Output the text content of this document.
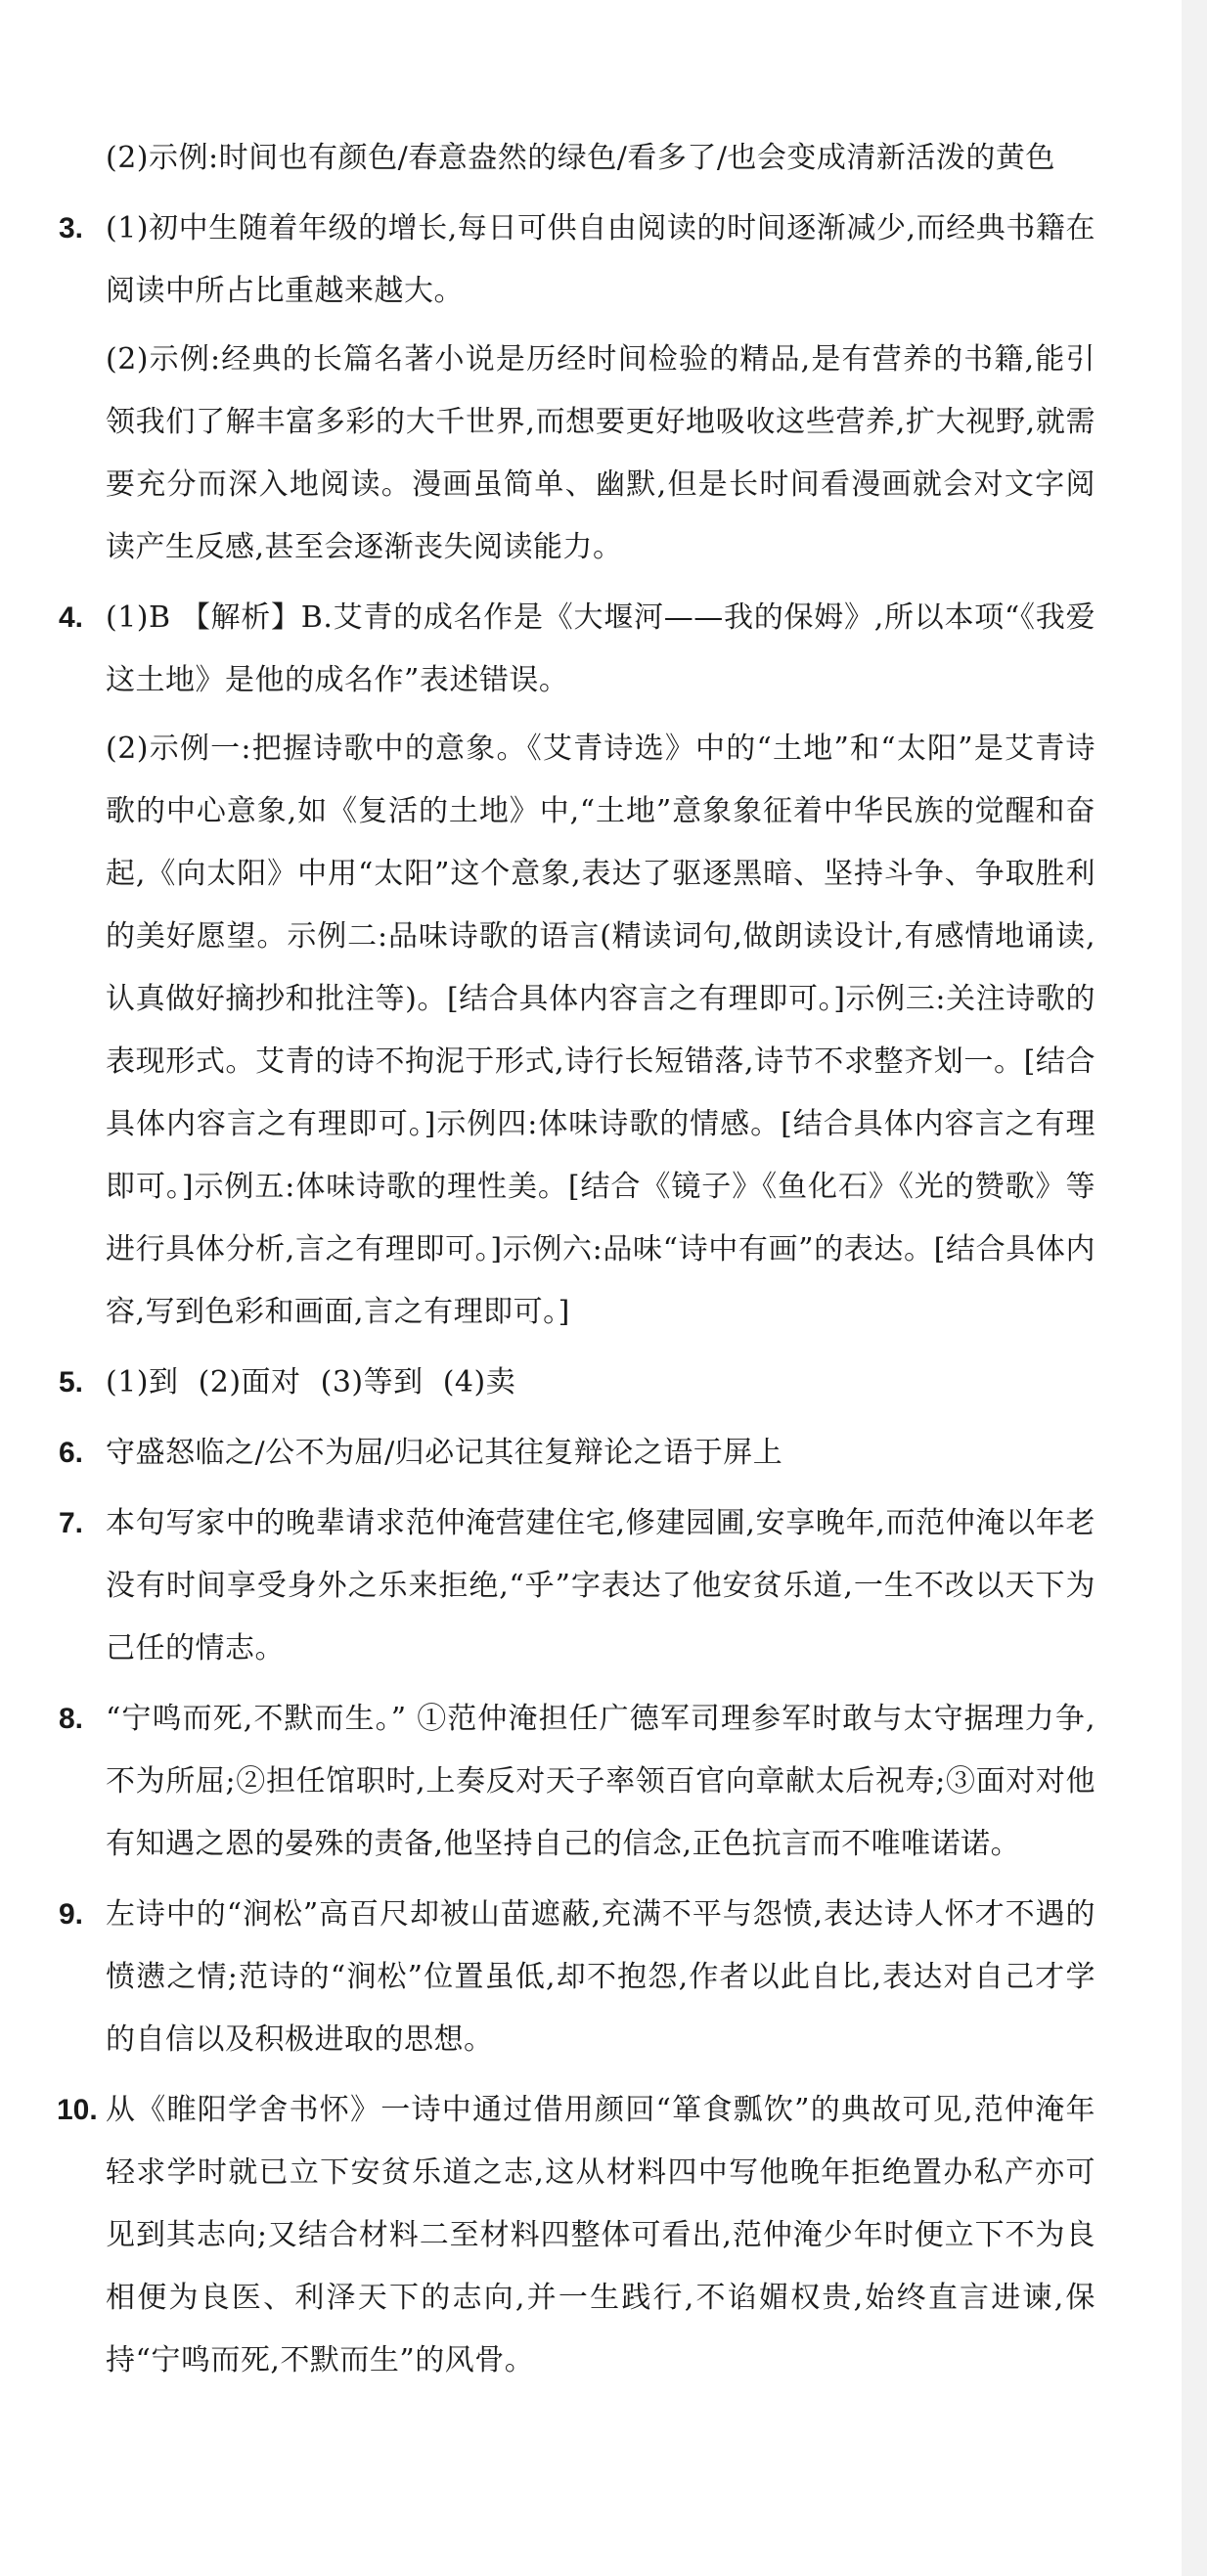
(2)示例:时间也有颜色/春意盎然的绿色/看多了/也会变成清新活泼的黄色

3. (1)初中生随着年级的增长,每日可供自由阅读的时间逐渐减少,而经典书籍在阅读中所占比重越来越大。

(2)示例:经典的长篇名著小说是历经时间检验的精品,是有营养的书籍,能引领我们了解丰富多彩的大千世界,而想要更好地吸收这些营养,扩大视野,就需要充分而深入地阅读。漫画虽简单、幽默,但是长时间看漫画就会对文字阅读产生反感,甚至会逐渐丧失阅读能力。

4. (1)B 【解析】B.艾青的成名作是《大堰河——我的保姆》,所以本项“《我爱这土地》是他的成名作”表述错误。

(2)示例一:把握诗歌中的意象。《艾青诗选》中的“土地”和“太阳”是艾青诗歌的中心意象,如《复活的土地》中,“土地”意象象征着中华民族的觉醒和奋起,《向太阳》中用“太阳”这个意象,表达了驱逐黑暗、坚持斗争、争取胜利的美好愿望。示例二:品味诗歌的语言(精读词句,做朗读设计,有感情地诵读,认真做好摘抄和批注等)。[结合具体内容言之有理即可。]示例三:关注诗歌的表现形式。艾青的诗不拘泥于形式,诗行长短错落,诗节不求整齐划一。[结合具体内容言之有理即可。]示例四:体味诗歌的情感。[结合具体内容言之有理即可。]示例五:体味诗歌的理性美。[结合《镜子》《鱼化石》《光的赞歌》等进行具体分析,言之有理即可。]示例六:品味“诗中有画”的表达。[结合具体内容,写到色彩和画面,言之有理即可。]

5. (1)到  (2)面对  (3)等到  (4)卖

6. 守盛怒临之/公不为屈/归必记其往复辩论之语于屏上

7. 本句写家中的晚辈请求范仲淹营建住宅,修建园圃,安享晚年,而范仲淹以年老没有时间享受身外之乐来拒绝,“乎”字表达了他安贫乐道,一生不改以天下为己任的情志。

8. “宁鸣而死,不默而生。” ①范仲淹担任广德军司理参军时敢与太守据理力争,不为所屈;②担任馆职时,上奏反对天子率领百官向章献太后祝寿;③面对对他有知遇之恩的晏殊的责备,他坚持自己的信念,正色抗言而不唯唯诺诺。

9. 左诗中的“涧松”高百尺却被山苗遮蔽,充满不平与怨愤,表达诗人怀才不遇的愤懑之情;范诗的“涧松”位置虽低,却不抱怨,作者以此自比,表达对自己才学的自信以及积极进取的思想。

10. 从《睢阳学舍书怀》一诗中通过借用颜回“箪食瓢饮”的典故可见,范仲淹年轻求学时就已立下安贫乐道之志,这从材料四中写他晚年拒绝置办私产亦可见到其志向;又结合材料二至材料四整体可看出,范仲淹少年时便立下不为良相便为良医、利泽天下的志向,并一生践行,不谄媚权贵,始终直言进谏,保持“宁鸣而死,不默而生”的风骨。
